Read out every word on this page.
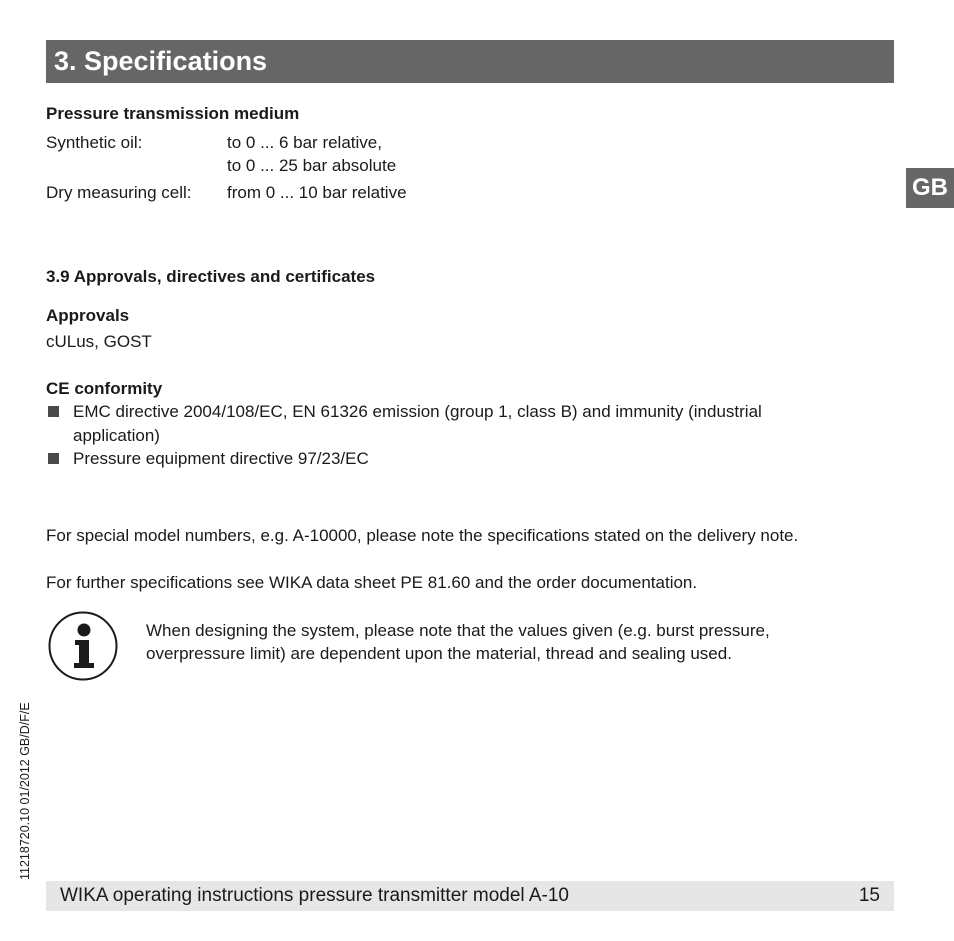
3. Specifications
GB
Pressure transmission medium
Synthetic oil:	to 0 ... 6 bar relative,
to 0 ... 25 bar absolute
Dry measuring cell: from 0 ... 10 bar relative
3.9 Approvals, directives and certificates
Approvals
cULus, GOST
CE conformity
EMC directive 2004/108/EC, EN 61326 emission (group 1, class B) and immunity (industrial
application)
Pressure equipment directive 97/23/EC
For special model numbers, e.g. A-10000, please note the specifications stated on the delivery note.
For further specifications see WIKA data sheet PE 81.60 and the order documentation.
When designing the system, please note that the values given (e.g. burst pressure,
overpressure limit) are dependent upon the material, thread and sealing used.
11218720.10 01/2012 GB/D/F/E
WIKA operating instructions pressure transmitter model A-10	15
